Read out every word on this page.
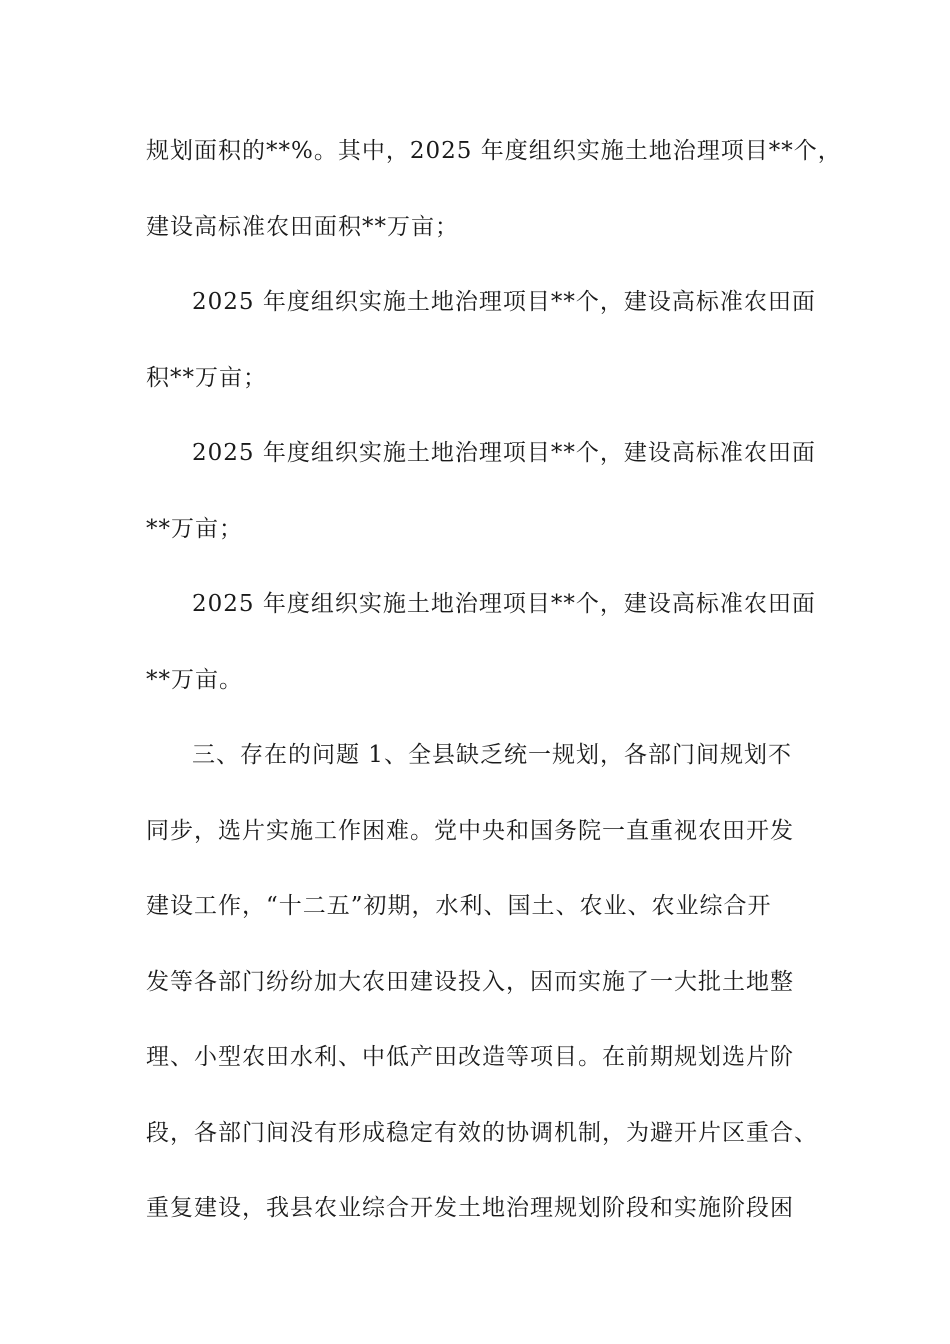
规划面积的**%。其中，2025 年度组织实施土地治理项目**个，
建设高标准农田面积**万亩；
2025 年度组织实施土地治理项目**个，建设高标准农田面
积**万亩；
2025 年度组织实施土地治理项目**个，建设高标准农田面
**万亩；
2025 年度组织实施土地治理项目**个，建设高标准农田面
**万亩。
三、存在的问题 1、全县缺乏统一规划，各部门间规划不
同步，选片实施工作困难。党中央和国务院一直重视农田开发
建设工作，“十二五”初期，水利、国土、农业、农业综合开
发等各部门纷纷加大农田建设投入，因而实施了一大批土地整
理、小型农田水利、中低产田改造等项目。在前期规划选片阶
段，各部门间没有形成稳定有效的协调机制，为避开片区重合、
重复建设，我县农业综合开发土地治理规划阶段和实施阶段困
